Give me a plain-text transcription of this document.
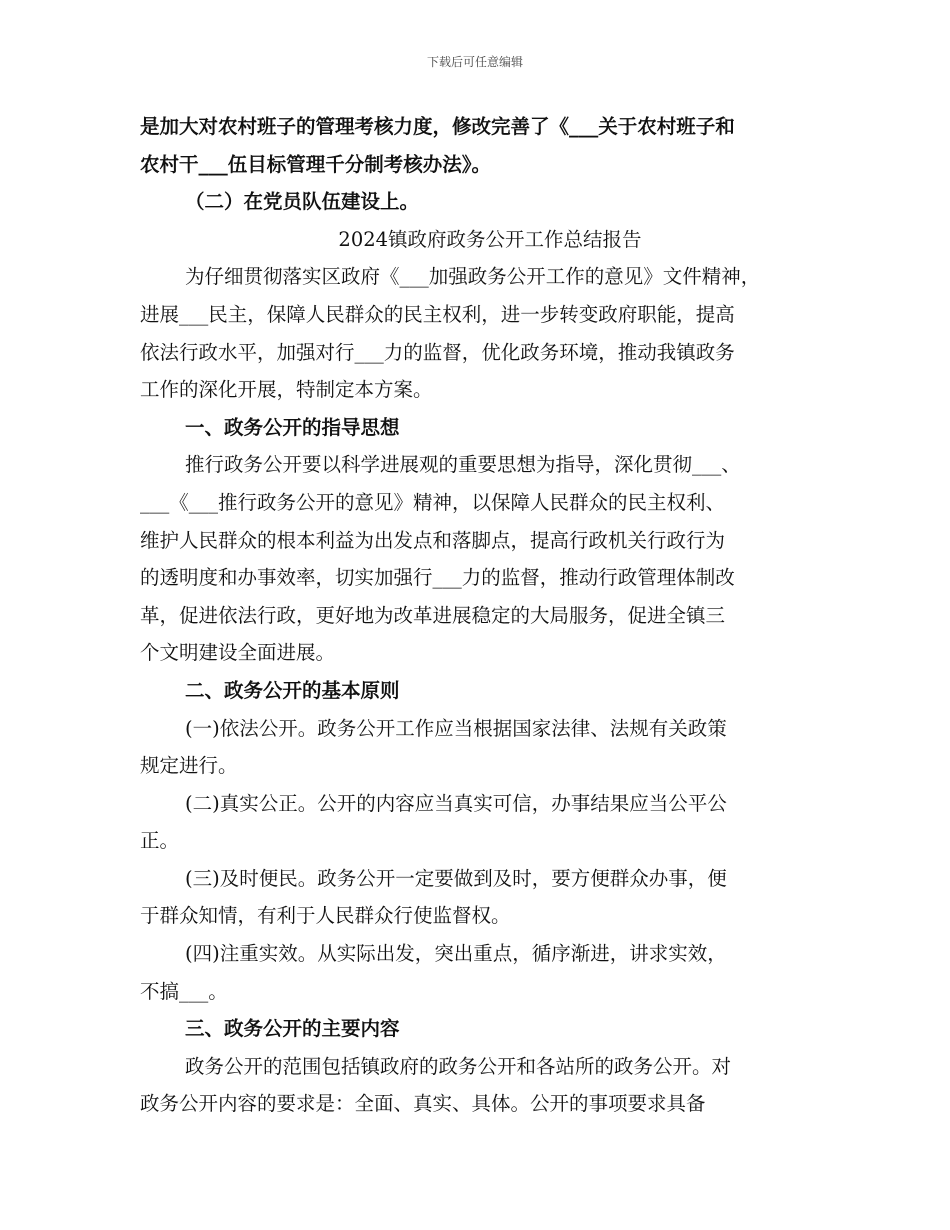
下载后可任意编辑

是加大对农村班子的管理考核力度，修改完善了《___关于农村班子和

农村干___伍目标管理千分制考核办法》。

（二）在党员队伍建设上。

2024镇政府政务公开工作总结报告

为仔细贯彻落实区政府《___加强政务公开工作的意见》文件精神，

进展___民主，保障人民群众的民主权利，进一步转变政府职能，提高

依法行政水平，加强对行___力的监督，优化政务环境，推动我镇政务

工作的深化开展，特制定本方案。

一、政务公开的指导思想

推行政务公开要以科学进展观的重要思想为指导，深化贯彻___、

___《___推行政务公开的意见》精神，以保障人民群众的民主权利、

维护人民群众的根本利益为出发点和落脚点，提高行政机关行政行为

的透明度和办事效率，切实加强行___力的监督，推动行政管理体制改

革，促进依法行政，更好地为改革进展稳定的大局服务，促进全镇三

个文明建设全面进展。

二、政务公开的基本原则

(一)依法公开。政务公开工作应当根据国家法律、法规有关政策

规定进行。

(二)真实公正。公开的内容应当真实可信，办事结果应当公平公

正。

(三)及时便民。政务公开一定要做到及时，要方便群众办事，便

于群众知情，有利于人民群众行使监督权。

(四)注重实效。从实际出发，突出重点，循序渐进，讲求实效，

不搞___。

三、政务公开的主要内容

政务公开的范围包括镇政府的政务公开和各站所的政务公开。对

政务公开内容的要求是：全面、真实、具体。公开的事项要求具备
